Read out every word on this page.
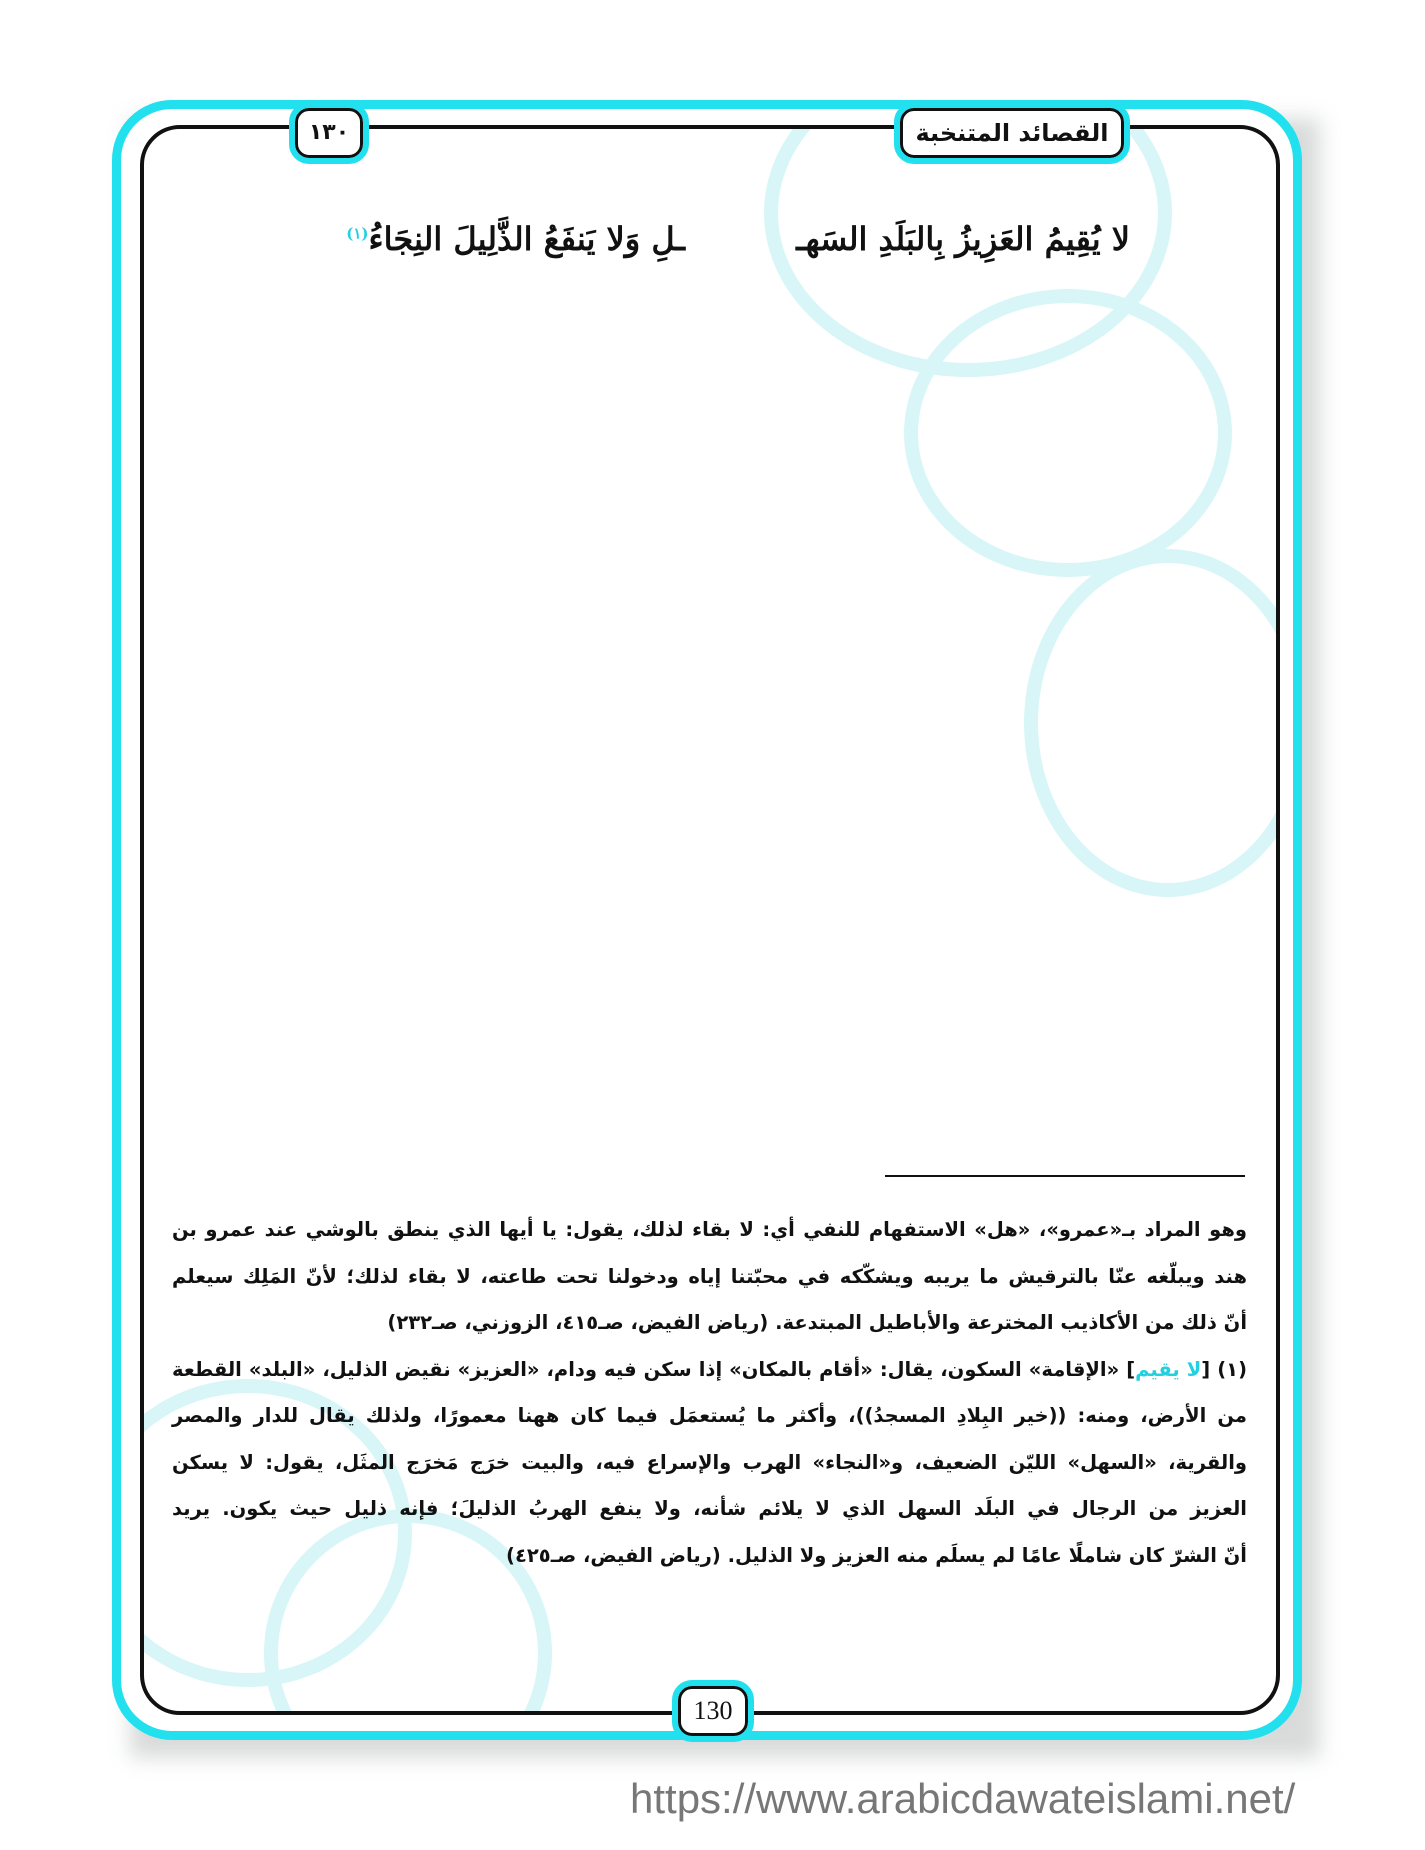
القصائد المتنخبة
١٣٠
لا يُقِيمُ العَزِيزُ بِالبَلَدِ السَهـ
ـلِ وَلا يَنفَعُ الذَّلِيلَ النِجَاءُ$^{(١)}$
وهو المراد بـ«عمرو»، «هل» الاستفهام للنفي أي: لا بقاء لذلك، يقول: يا أيها الذي ينطق بالوشي عند عمرو بن
هند ويبلّغه عنّا بالترقيش ما يريبه ويشكّكه في محبّتنا إياه ودخولنا تحت طاعته، لا بقاء لذلك؛ لأنّ المَلِك سيعلم
أنّ ذلك من الأكاذيب المخترعة والأباطيل المبتدعة. (رياض الفيض، صـ٤١٥، الزوزني، صـ٢٣٢)
(١) [لا يقيم] «الإقامة» السكون، يقال: «أقام بالمكان» إذا سكن فيه ودام، «العزيز» نقيض الذليل، «البلد» القطعة
من الأرض، ومنه: ((خير البِلادِ المسجدُ))، وأكثر ما يُستعمَل فيما كان ههنا معمورًا، ولذلك يقال للدار والمصر
والقرية، «السهل» الليّن الضعيف، و«النجاء» الهرب والإسراع فيه، والبيت خرَج مَخرَج المثَل، يقول: لا يسكن
العزيز من الرجال في البلَد السهل الذي لا يلائم شأنه، ولا ينفع الهربُ الذليلَ؛ فإنه ذليل حيث يكون. يريد
أنّ الشرّ كان شاملًا عامًا لم يسلَم منه العزيز ولا الذليل. (رياض الفيض، صـ٤٢٥)
130
https://www.arabicdawateislami.net/
